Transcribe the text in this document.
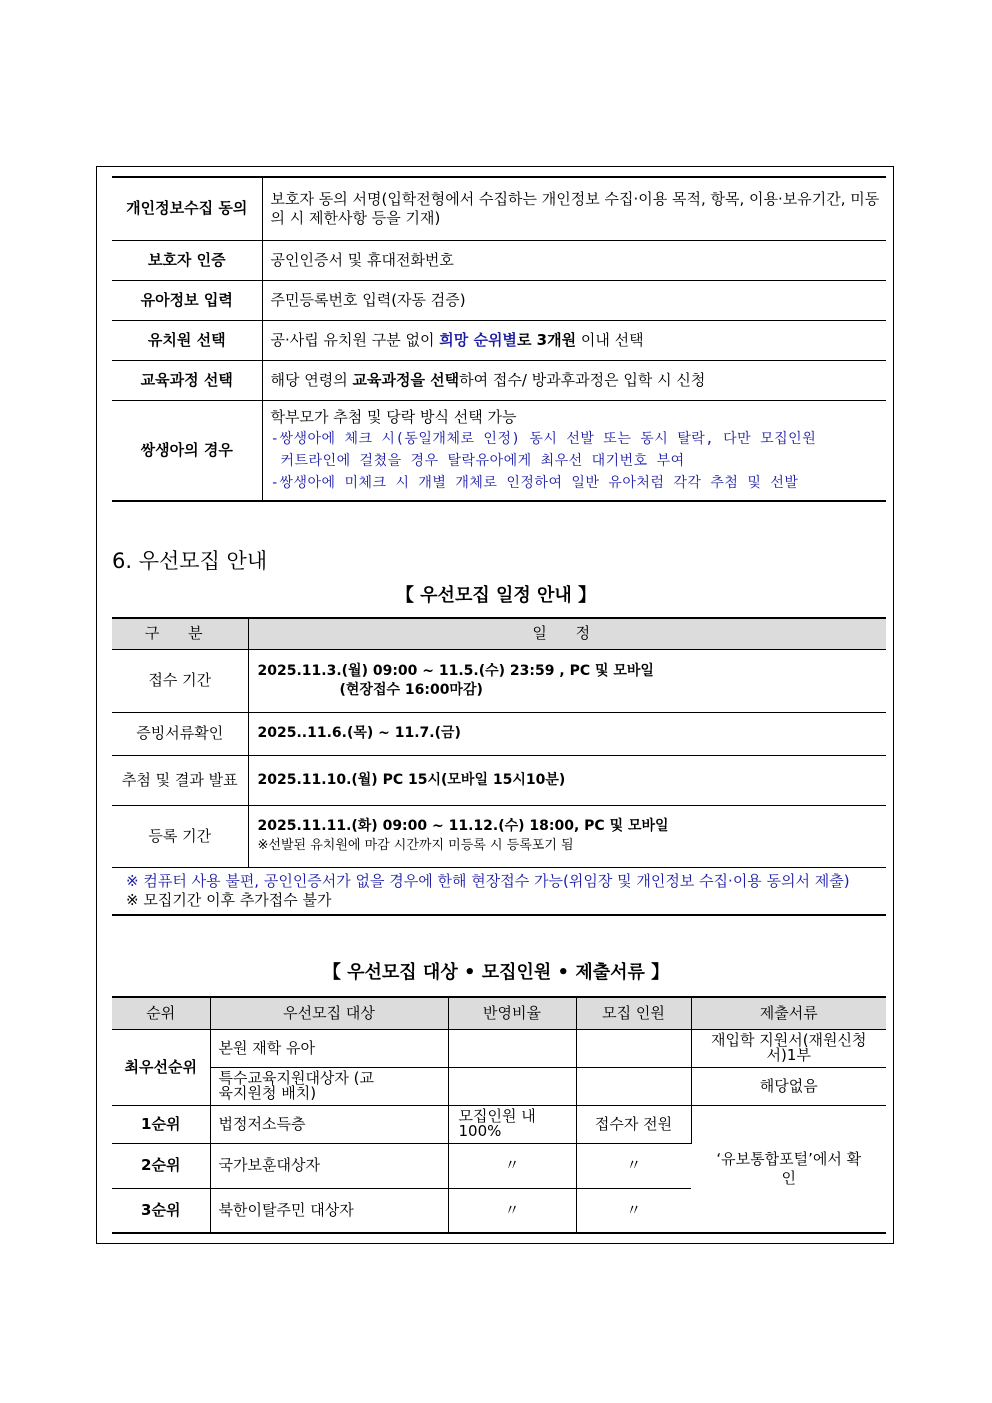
개인정보수집 동의	보호자 동의 서명(입학전형에서 수집하는 개인정보 수집·이용 목적, 항목, 이용·보유기간, 미동의 시 제한사항 등을 기재)
보호자 인증	공인인증서 및 휴대전화번호
유아정보 입력	주민등록번호 입력(자동 검증)
유치원 선택	공·사립 유치원 구분 없이 희망 순위별로 3개원 이내 선택
교육과정 선택	해당 연령의 교육과정을 선택하여 접수/ 방과후과정은 입학 시 신청
쌍생아의 경우	학부모가 추첨 및 당락 방식 선택 가능
-쌍생아에 체크 시(동일개체로 인정) 동시 선발 또는 동시 탈락, 다만 모집인원
커트라인에 걸쳤을 경우 탈락유아에게 최우선 대기번호 부여
-쌍생아에 미체크 시 개별 개체로 인정하여 일반 유아처럼 각각 추첨 및 선발
6. 우선모집 안내
【 우선모집 일정 안내 】
구 분	일 정
접수 기간	2025.11.3.(월) 09:00 ~ 11.5.(수) 23:59 , PC 및 모바일
(현장접수 16:00마감)

증빙서류확인	2025..11.6.(목) ~ 11.7.(금)
추첨 및 결과 발표	2025.11.10.(월) PC 15시(모바일 15시10분)
등록 기간	2025.11.11.(화) 09:00 ~ 11.12.(수) 18:00, PC 및 모바일
※선발된 유치원에 마감 시간까지 미등록 시 등록포기 됨

※ 컴퓨터 사용 불편, 공인인증서가 없을 경우에 한해 현장접수 가능(위임장 및 개인정보 수집·이용 동의서 제출)
※ 모집기간 이후 추가접수 불가	
【 우선모집 대상 • 모집인원 • 제출서류 】
순위	우선모집 대상	반영비율	모집 인원	제출서류
최우선순위	본원 재학 유아			재입학 지원서(재원신청서)1부
	특수교육지원대상자 (교육지원청 배치)			해당없음
1순위	법정저소득층	모집인원 내 100%	접수자 전원	‘유보통합포털’에서 확인
2순위	국가보훈대상자	〃	〃	
3순위	북한이탈주민 대상자	〃	〃	
